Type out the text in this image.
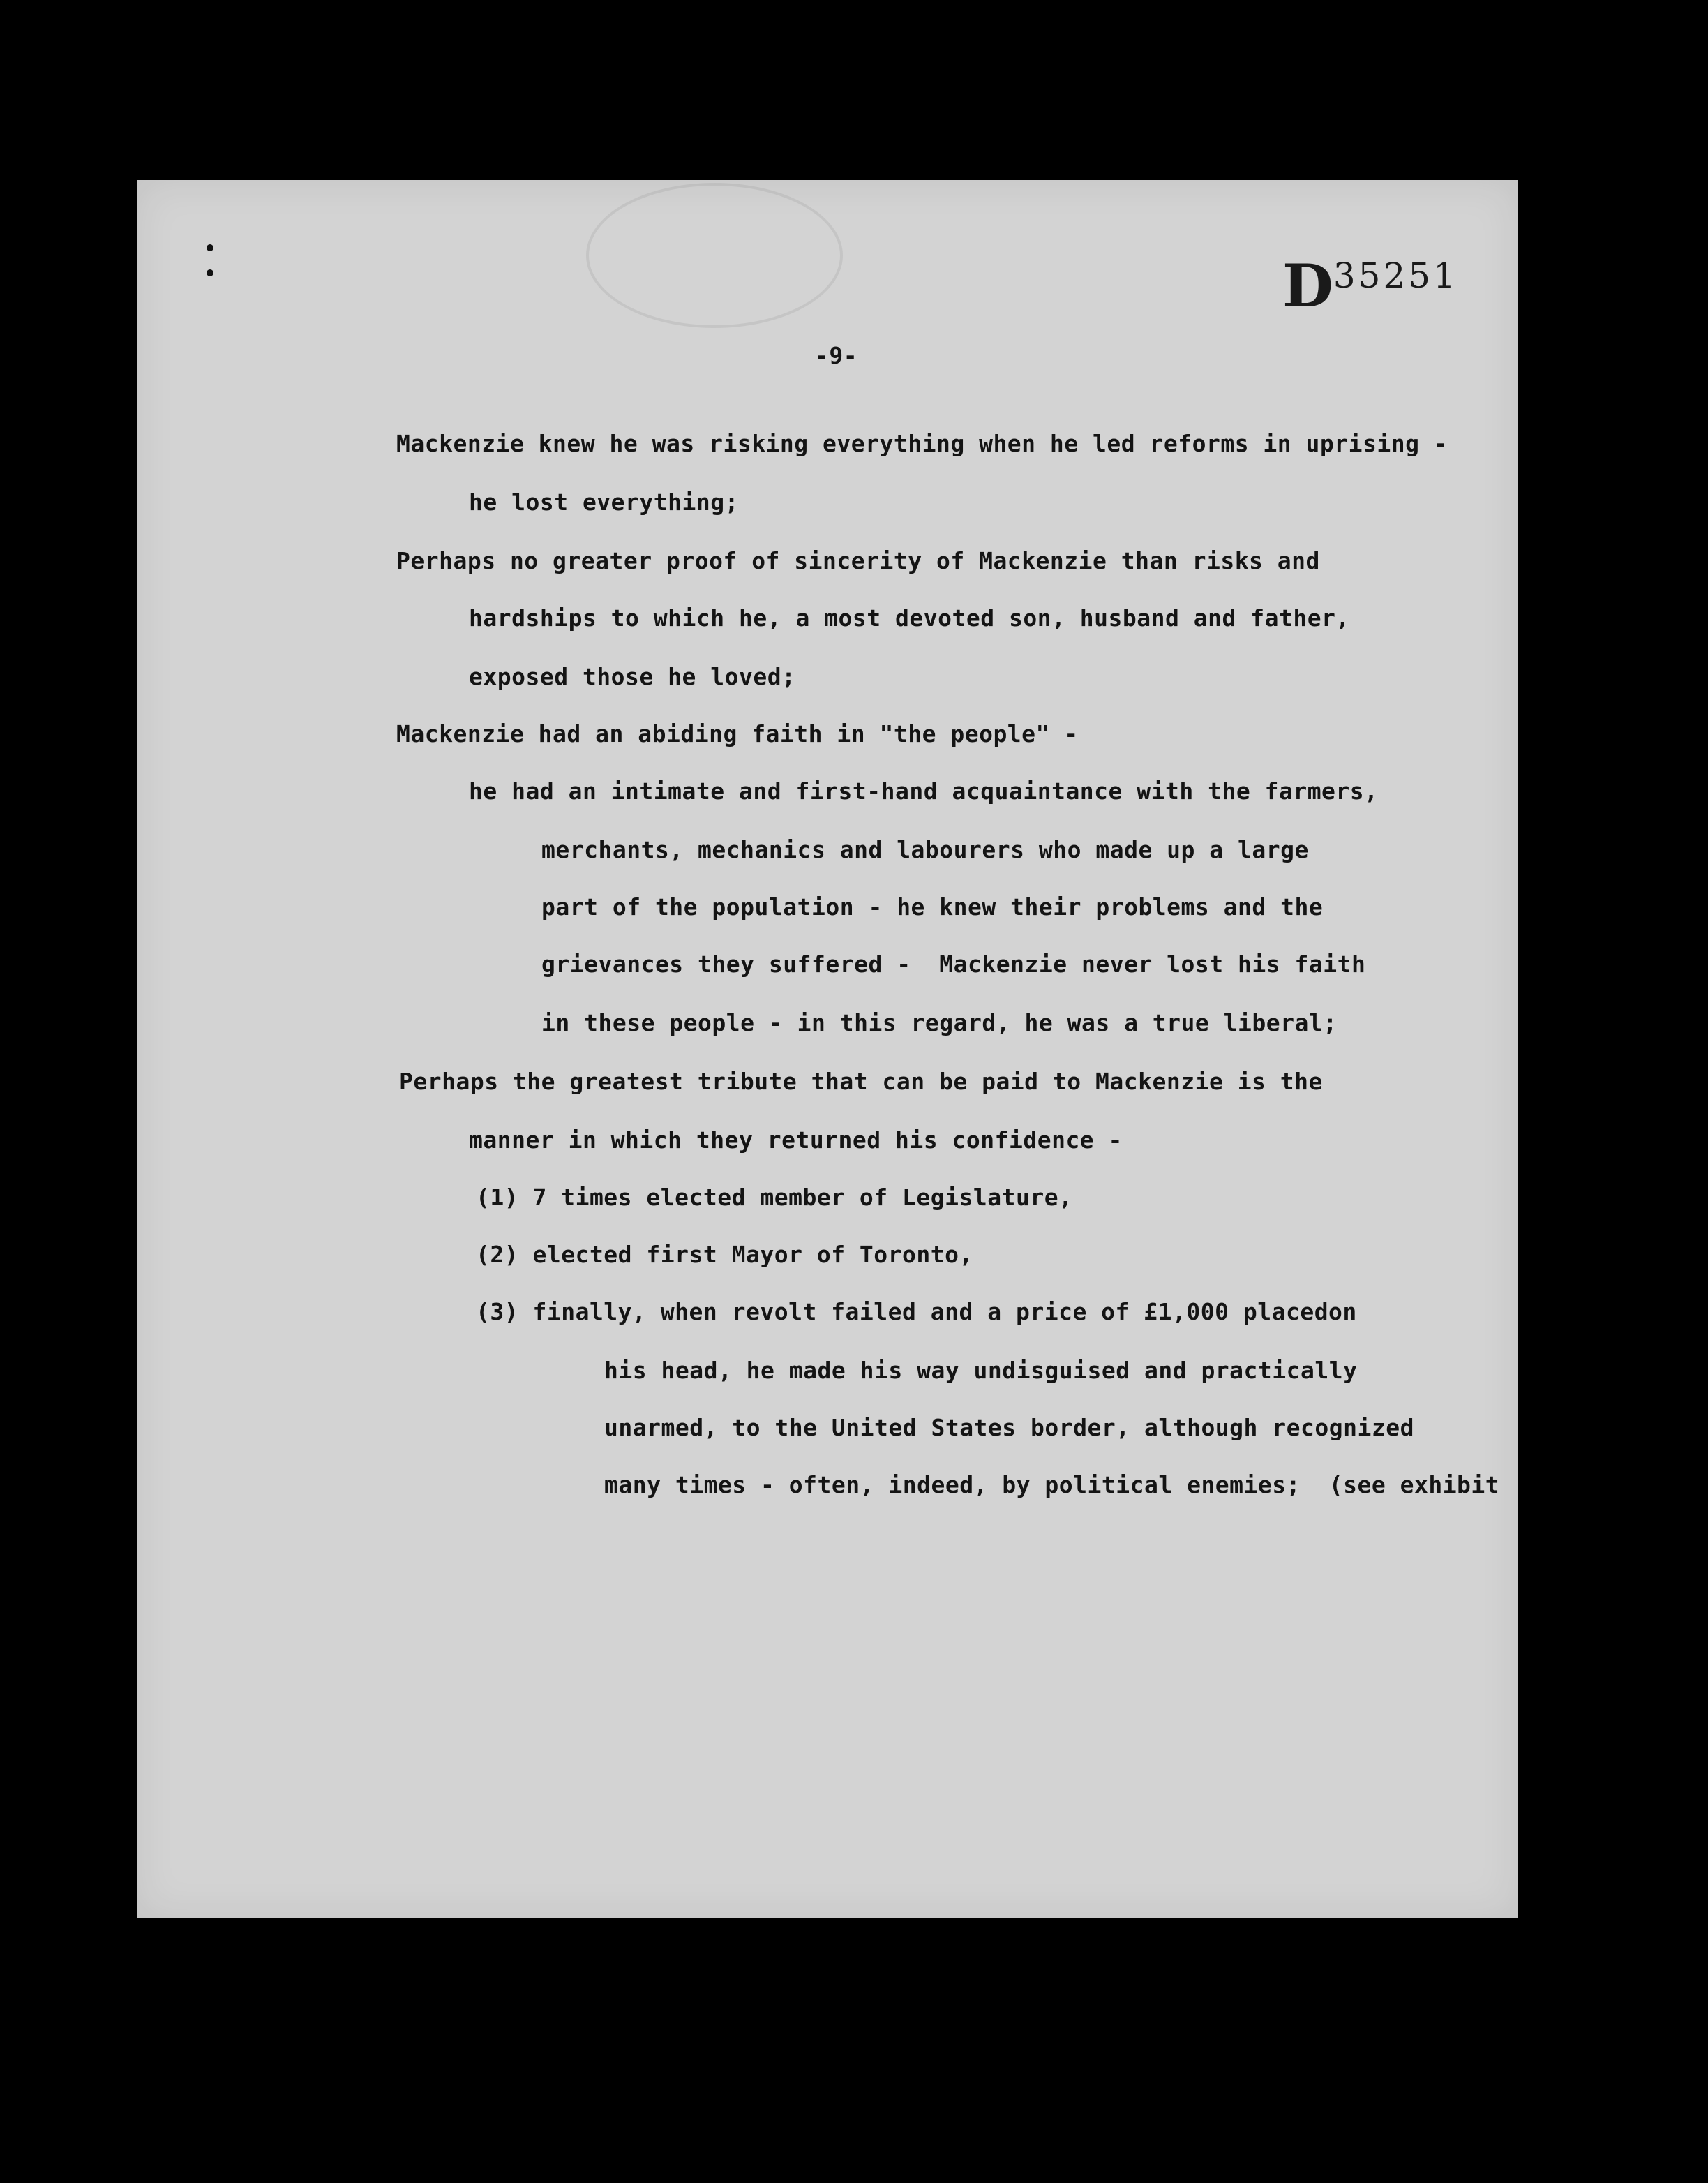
D35251
-9-
Mackenzie knew he was risking everything when he led reforms in uprising -
he lost everything;
Perhaps no greater proof of sincerity of Mackenzie than risks and
hardships to which he, a most devoted son, husband and father,
exposed those he loved;
Mackenzie had an abiding faith in "the people" -
he had an intimate and first-hand acquaintance with the farmers,
merchants, mechanics and labourers who made up a large
part of the population - he knew their problems and the
grievances they suffered -  Mackenzie never lost his faith
in these people - in this regard, he was a true liberal;
Perhaps the greatest tribute that can be paid to Mackenzie is the
manner in which they returned his confidence -
(1) 7 times elected member of Legislature,
(2) elected first Mayor of Toronto,
(3) finally, when revolt failed and a price of £1,000 placedon
his head, he made his way undisguised and practically
unarmed, to the United States border, although recognized
many times - often, indeed, by political enemies;  (see exhibit
